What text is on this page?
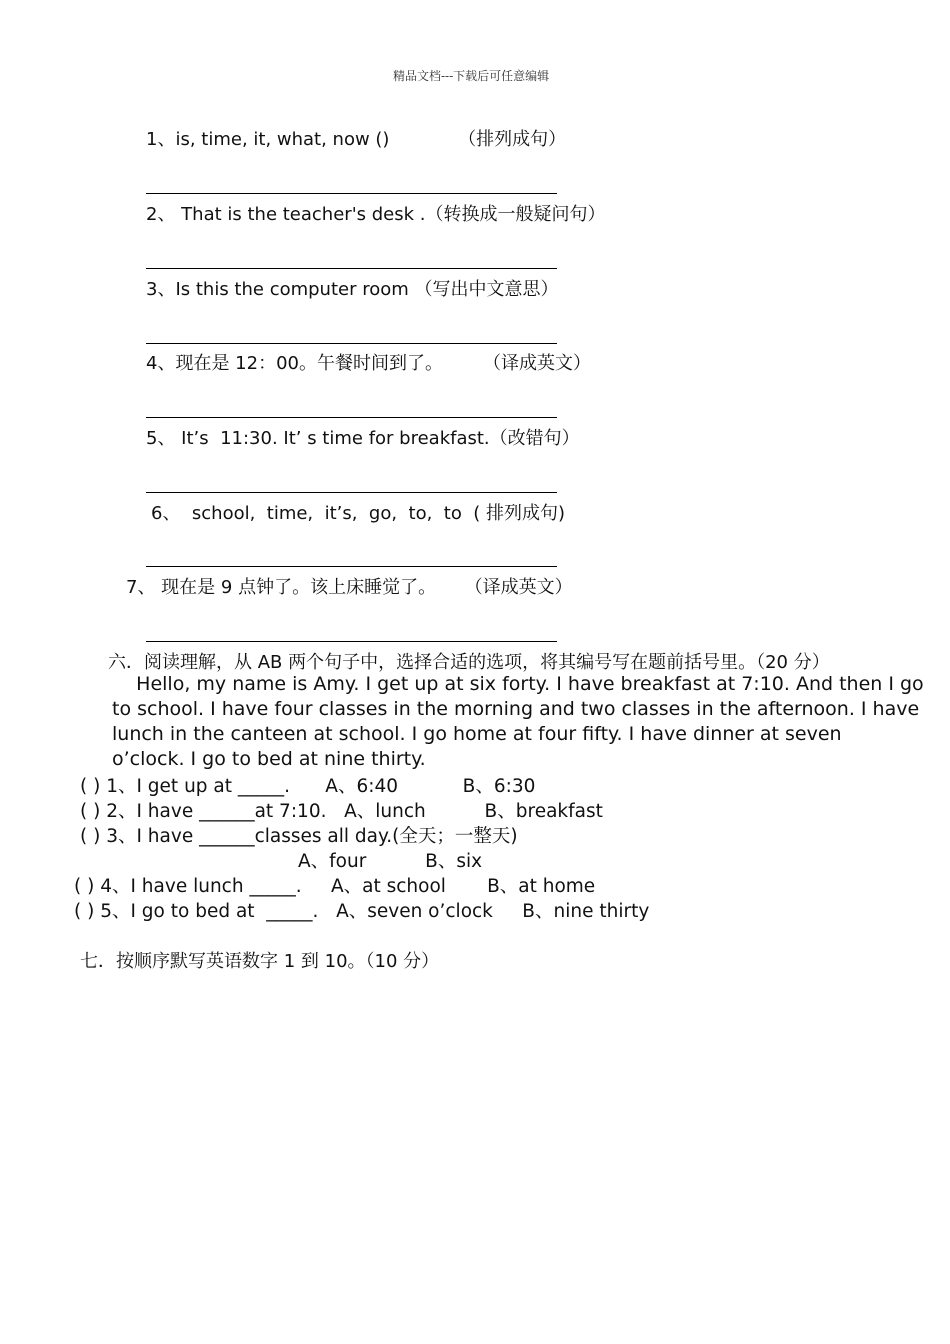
精品文档---下载后可任意编辑
1、is, time, it, what, now ()            （排列成句）
2、 That is the teacher's desk .（转换成一般疑问句）
3、Is this the computer room （写出中文意思）
4、现在是 12：00。午餐时间到了。       （译成英文）
5、 It’s  11:30. It’ s time for breakfast.（改错句）
6、  school,  time,  it’s,  go,  to,  to  ( 排列成句)
7、 现在是 9 点钟了。该上床睡觉了。     （译成英文）
六．阅读理解，从 AB 两个句子中，选择合适的选项，将其编号写在题前括号里。（20 分）
Hello, my name is Amy. I get up at six forty. I have breakfast at 7:10. And then I go
to school. I have four classes in the morning and two classes in the afternoon. I have
lunch in the canteen at school. I go home at four fifty. I have dinner at seven
o’clock. I go to bed at nine thirty.
( ) 1、I get up at _____.      A、6:40           B、6:30
( ) 2、I have ______at 7:10.   A、lunch          B、breakfast
( ) 3、I have ______classes all day.(全天；一整天)
A、four          B、six
( ) 4、I have lunch _____.     A、at school       B、at home
( ) 5、I go to bed at  _____.   A、seven o’clock     B、nine thirty
七．按顺序默写英语数字 1 到 10。（10 分）
